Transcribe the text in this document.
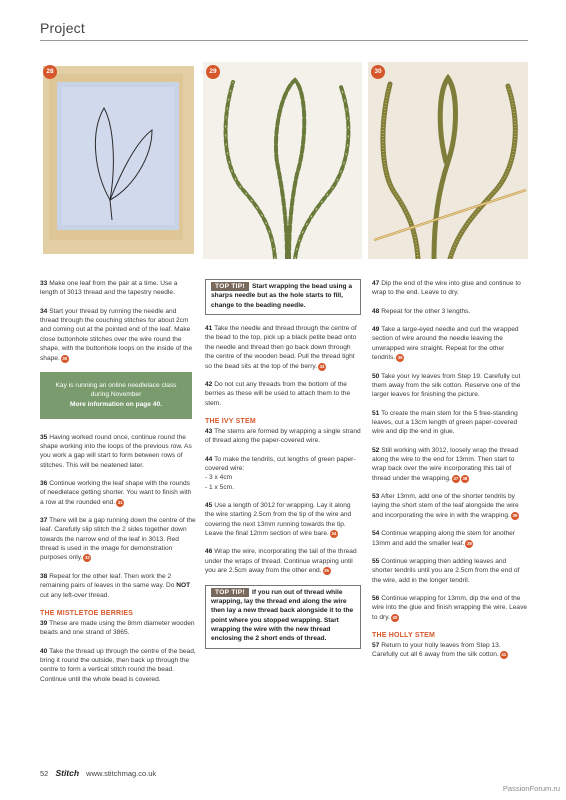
Project
28	29	30

33 Make one leaf from the pair at a time. Use a length of 3013 thread and the tapestry needle.

34 Start your thread by running the needle and thread through the couching stitches for about 2cm and coming out at the pointed end of the leaf. Make close buttonhole stitches over the wire round the shape, with the buttonhole loops on the inside of the shape. 30

Kay is running an online needlelace class during November
More information on page 40.

35 Having worked round once, continue round the shape working into the loops of the previous row. As you work a gap will start to form between rows of stitches. This will be neatened later.

36 Continue working the leaf shape with the rounds of needlelace getting shorter. You want to finish with a row at the rounded end. 31

37 There will be a gap running down the centre of the leaf. Carefully slip stitch the 2 sides together down towards the narrow end of the leaf in 3013. Red thread is used in the image for demonstration purposes only. 32

38 Repeat for the other leaf. Then work the 2 remaining pairs of leaves in the same way. Do NOT cut any left-over thread.

THE MISTLETOE BERRIES

39 These are made using the 8mm diameter wooden beads and one strand of 3865.

40 Take the thread up through the centre of the bead, bring it round the outside, then back up through the centre to form a vertical stitch round the bead. Continue until the whole bead is covered.

TOP TIP! Start wrapping the bead using a sharps needle but as the hole starts to fill, change to the beading needle.

41 Take the needle and thread through the centre of the bead to the top, pick up a black petite bead onto the needle and thread then go back down through the centre of the wooden bead. Pull the thread tight so the bead sits at the top of the berry. 33

42 Do not cut any threads from the bottom of the berries as these will be used to attach them to the stem.

THE IVY STEM

43 The stems are formed by wrapping a single strand of thread along the paper-covered wire.

44 To make the tendrils, cut lengths of green paper-covered wire:
- 3 x 4cm
- 1 x 5cm.

45 Use a length of 3012 for wrapping. Lay it along the wire starting 2.5cm from the tip of the wire and covering the next 13mm running towards the tip. Leave the final 12mm section of wire bare. 34

46 Wrap the wire, incorporating the tail of the thread under the wraps of thread. Continue wrapping until you are 2.5cm away from the other end. 35

TOP TIP! If you run out of thread while wrapping, lay the thread end along the wire then lay a new thread back alongside it to the point where you stopped wrapping. Start wrapping the wire with the new thread enclosing the 2 short ends of thread.

47 Dip the end of the wire into glue and continue to wrap to the end. Leave to dry.

48 Repeat for the other 3 lengths.

49 Take a large-eyed needle and curl the wrapped section of wire around the needle leaving the unwrapped wire straight. Repeat for the other tendrils. 36

50 Take your ivy leaves from Step 19. Carefully cut them away from the silk cotton. Reserve one of the larger leaves for finishing the picture.

51 To create the main stem for the 5 free-standing leaves, cut a 13cm length of green paper-covered wire and dip the end in glue.

52 Still working with 3012, loosely wrap the thread along the wire to the end for 13mm. Then start to wrap back over the wire incorporating this tail of thread under the wrapping. 37 38

53 After 13mm, add one of the shorter tendrils by laying the short stem of the leaf alongside the wire and incorporating the wire in with the wrapping. 39

54 Continue wrapping along the stem for another 13mm and add the smaller leaf. 39

55 Continue wrapping then adding leaves and shorter tendrils until you are 2.5cm from the end of the wire, add in the longer tendril.

56 Continue wrapping for 13mm, dip the end of the wire into the glue and finish wrapping the wire. Leave to dry. 40

THE HOLLY STEM

57 Return to your holly leaves from Step 13. Carefully cut all 6 away from the silk cotton. 41

52 Stitch www.stitchmag.co.uk
PassionForum.ru
